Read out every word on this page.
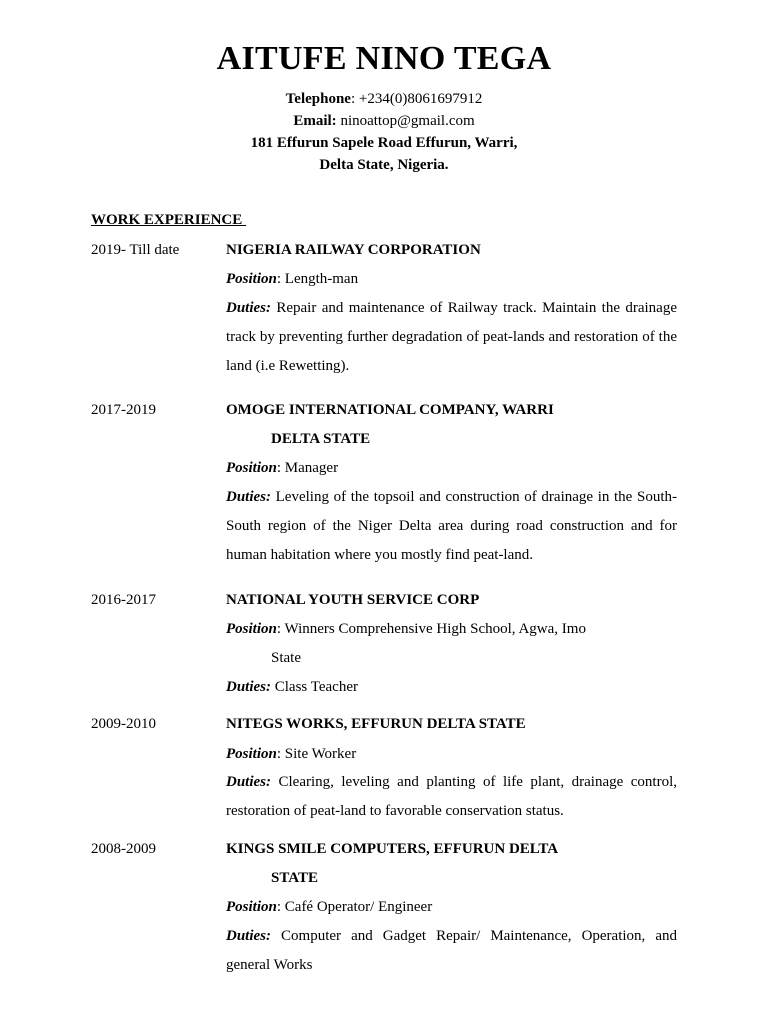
AITUFE NINO TEGA
Telephone: +234(0)8061697912
Email: ninoattop@gmail.com
181 Effurun Sapele Road Effurun, Warri,
Delta State, Nigeria.
WORK EXPERIENCE
2019- Till date	NIGERIA RAILWAY CORPORATION
Position: Length-man
Duties: Repair and maintenance of Railway track. Maintain the drainage track by preventing further degradation of peat-lands and restoration of the land (i.e Rewetting).
2017-2019	OMOGE INTERNATIONAL COMPANY, WARRI
DELTA STATE
Position: Manager
Duties: Leveling of the topsoil and construction of drainage in the South-South region of the Niger Delta area during road construction and for human habitation where you mostly find peat-land.
2016-2017	NATIONAL YOUTH SERVICE CORP
Position: Winners Comprehensive High School, Agwa, Imo
State
Duties: Class Teacher
2009-2010	NITEGS WORKS, EFFURUN DELTA STATE
Position: Site Worker
Duties: Clearing, leveling and planting of life plant, drainage control, restoration of peat-land to favorable conservation status.
2008-2009	KINGS SMILE COMPUTERS, EFFURUN DELTA
STATE
Position: Café Operator/ Engineer
Duties: Computer and Gadget Repair/ Maintenance, Operation, and general Works
